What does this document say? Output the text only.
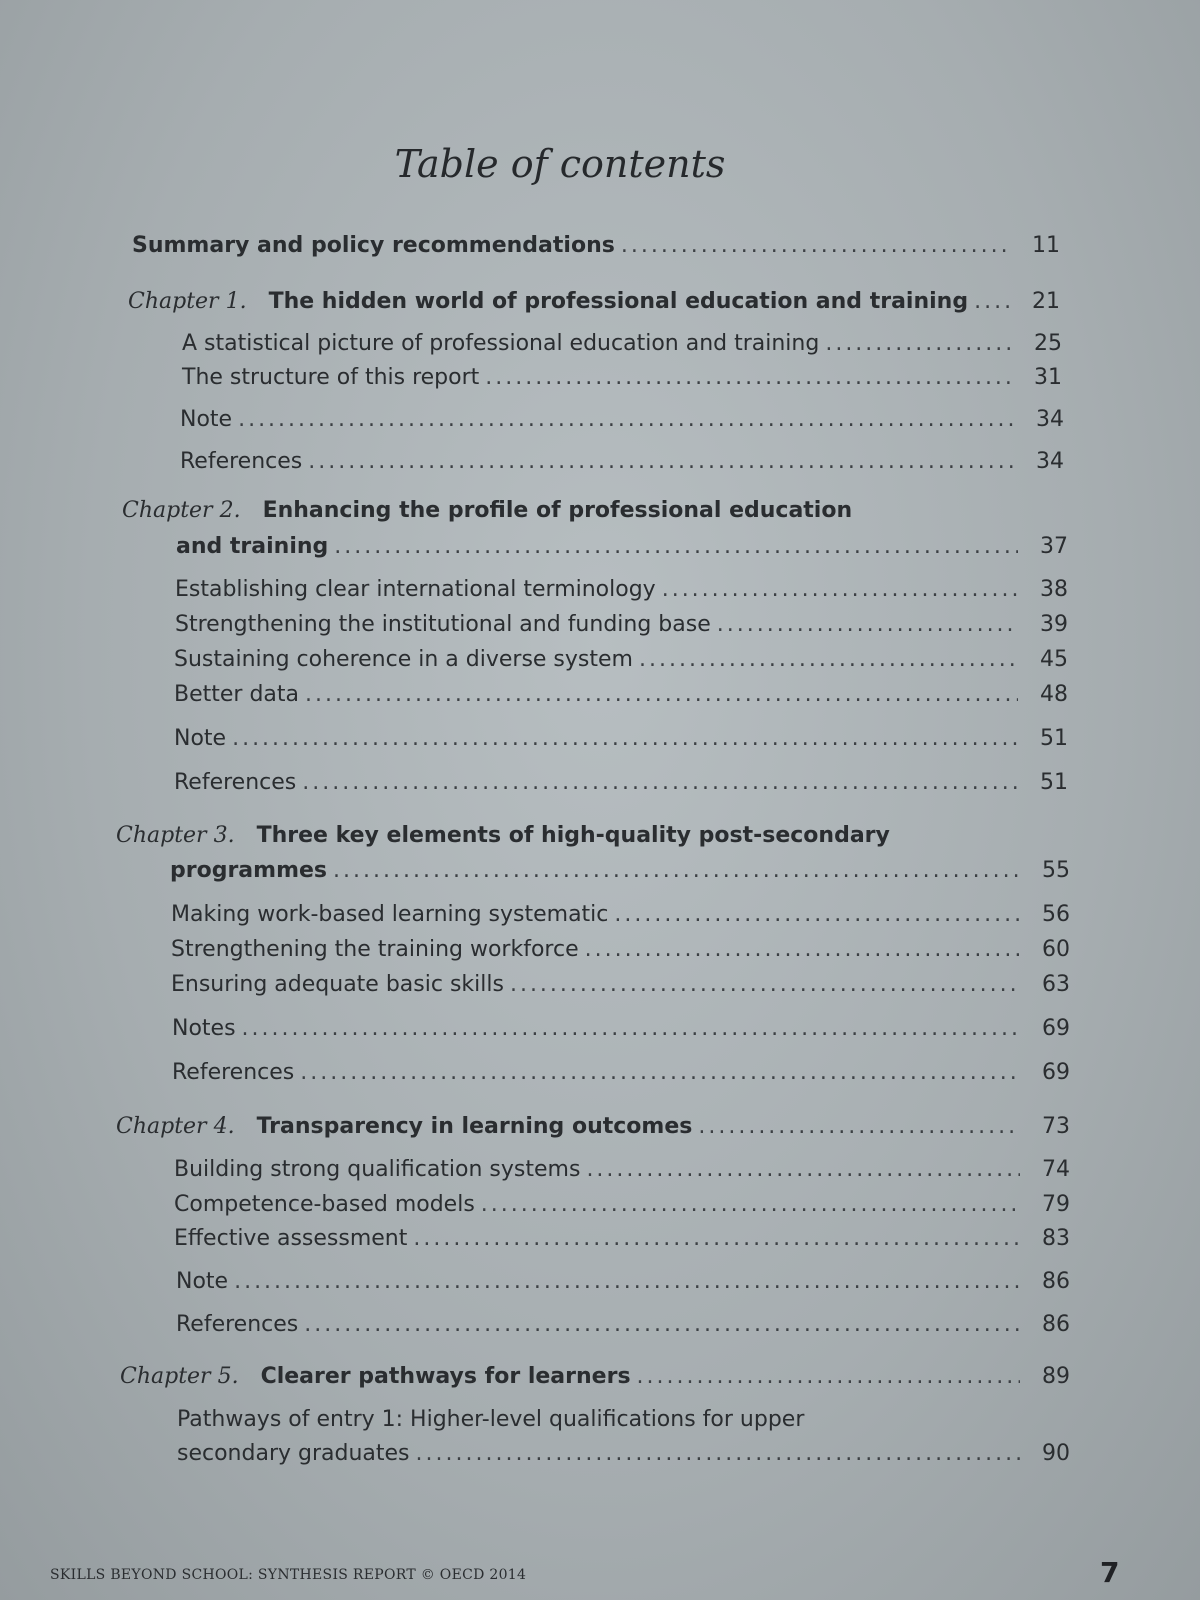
Table of contents
Summary and policy recommendations .....	11
Chapter 1. The hidden world of professional education and training .....	21
A statistical picture of professional education and training .....	25
The structure of this report .....	31
Note .....	34
References .....	34
Chapter 2. Enhancing the profile of professional education
and training .....	37
Establishing clear international terminology .....	38
Strengthening the institutional and funding base .....	39
Sustaining coherence in a diverse system .....	45
Better data .....	48
Note .....	51
References .....	51
Chapter 3. Three key elements of high-quality post-secondary
programmes .....	55
Making work-based learning systematic .....	56
Strengthening the training workforce .....	60
Ensuring adequate basic skills .....	63
Notes .....	69
References .....	69
Chapter 4. Transparency in learning outcomes .....	73
Building strong qualification systems .....	74
Competence-based models .....	79
Effective assessment .....	83
Note .....	86
References .....	86
Chapter 5. Clearer pathways for learners .....	89
Pathways of entry 1: Higher-level qualifications for upper
secondary graduates .....	90
SKILLS BEYOND SCHOOL: SYNTHESIS REPORT © OECD 2014	7
